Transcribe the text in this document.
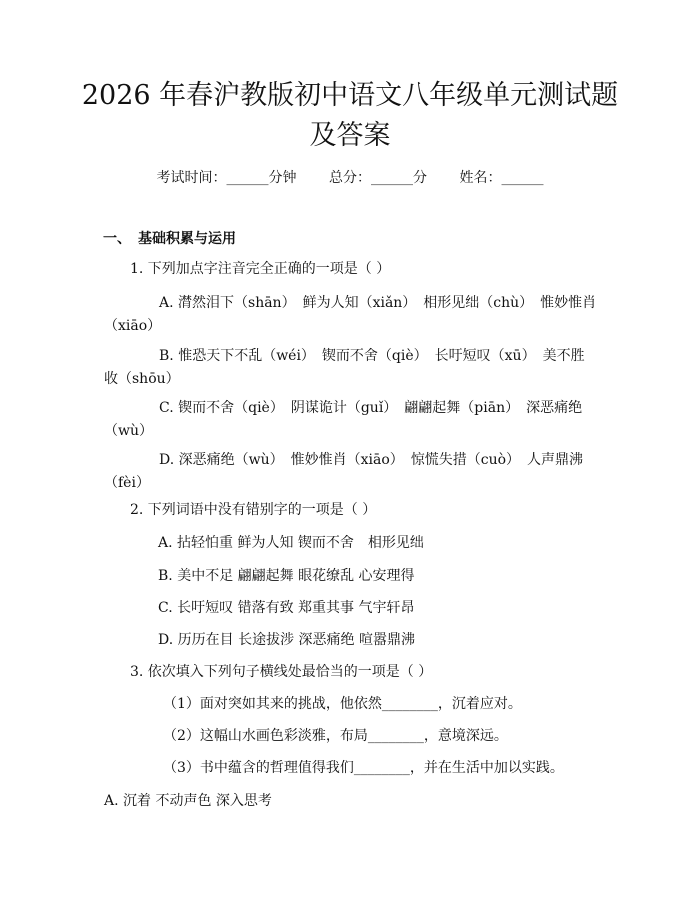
2026 年春沪教版初中语文八年级单元测试题
及答案
考试时间：______分钟 总分：______分 姓名：______
一、　基础积累与运用
1. 下列加点字注音完全正确的一项是（ ）
A. 潸然泪下（shān）　鲜为人知（xiǎn）　相形见绌（chù）　惟妙惟肖（xiāo）
B. 惟恐天下不乱（wéi）　锲而不舍（qiè）　长吁短叹（xū）　美不胜收（shōu）
C. 锲而不舍（qiè）　阴谋诡计（guǐ）　翩翩起舞（piān）　深恶痛绝（wù）
D. 深恶痛绝（wù）　惟妙惟肖（xiāo）　惊慌失措（cuò）　人声鼎沸（fèi）
2. 下列词语中没有错别字的一项是（ ）
A. 拈轻怕重 鲜为人知 锲而不舍　相形见绌
B. 美中不足 翩翩起舞 眼花缭乱 心安理得
C. 长吁短叹 错落有致 郑重其事 气宇轩昂
D. 历历在目 长途拔涉 深恶痛绝 喧嚣鼎沸
3. 依次填入下列句子横线处最恰当的一项是（ ）
（1）面对突如其来的挑战，他依然________，沉着应对。
（2）这幅山水画色彩淡雅，布局________，意境深远。
（3）书中蕴含的哲理值得我们________，并在生活中加以实践。
A. 沉着 不动声色 深入思考
